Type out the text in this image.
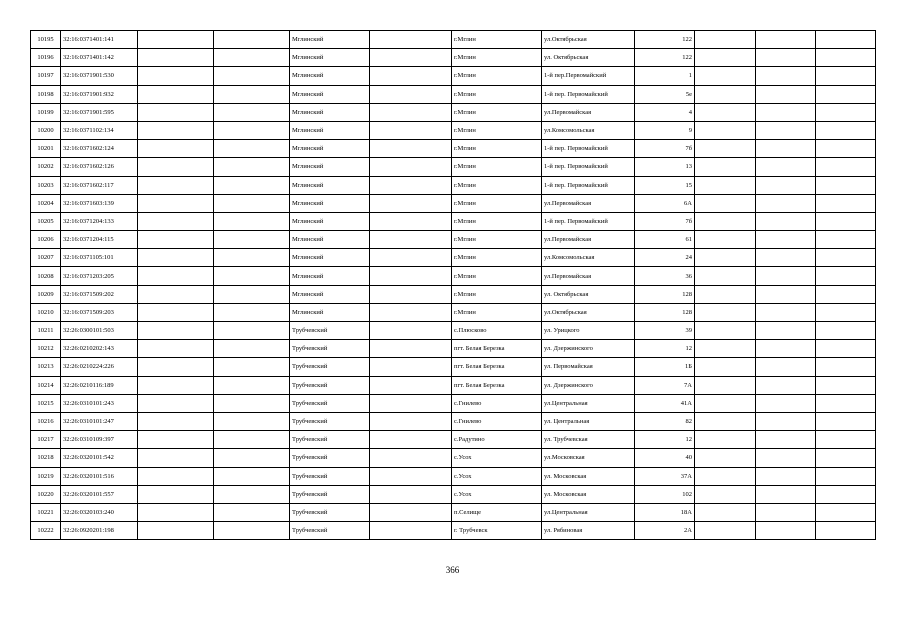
10195	32:16:0371401:141			Мглинский		г.Мглин	ул.Октябрьская	122			
10196	32:16:0371401:142			Мглинский		г.Мглин	ул. Октябрьская	122			
10197	32:16:0371901:530			Мглинский		г.Мглин	1-й пер.Первомайский	1			
10198	32:16:0371901:932			Мглинский		г.Мглин	1-й пер. Первомайский	5е			
10199	32:16:0371901:595			Мглинский		г.Мглин	ул.Первомайская	4			
10200	32:16:0371102:134			Мглинский		г.Мглин	ул.Комсомольская	9			
10201	32:16:0371602:124			Мглинский		г.Мглин	1-й пер. Первомайский	7б			
10202	32:16:0371602:126			Мглинский		г.Мглин	1-й пер. Первомайский	13			
10203	32:16:0371602:117			Мглинский		г.Мглин	1-й пер. Первомайский	15			
10204	32:16:0371603:139			Мглинский		г.Мглин	ул.Первомайская	6А			
10205	32:16:0371204:133			Мглинский		г.Мглин	1-й пер. Первомайский	7б			
10206	32:16:0371204:115			Мглинский		г.Мглин	ул.Первомайская	61			
10207	32:16:0371105:101			Мглинский		г.Мглин	ул.Комсомольская	24			
10208	32:16:0371203:205			Мглинский		г.Мглин	ул.Первомайская	36			
10209	32:16:0371509:202			Мглинский		г.Мглин	ул. Октябрьская	128			
10210	32:16:0371509:203			Мглинский		г.Мглин	ул.Октябрьская	128			
10211	32:26:0300101:503			Трубчевский		с.Плюсково	ул. Урицкого	39			
10212	32:26:0210202:143			Трубчевский		пгт. Белая Березка	ул. Дзержинского	12			
10213	32:26:0210224:226			Трубчевский		пгт. Белая Березка	ул. Первомайская	1Б			
10214	32:26:0210116:189			Трубчевский		пгт. Белая Березка	ул. Дзержинского	7А			
10215	32:26:0310101:243			Трубчевский		с.Гнилево	ул.Центральная	41А			
10216	32:26:0310101:247			Трубчевский		с.Гнилево	ул. Центральная	82			
10217	32:26:0310109:397			Трубчевский		с.Радутино	ул. Трубчевская	12			
10218	32:26:0320101:542			Трубчевский		с.Усох	ул.Московская	40			
10219	32:26:0320101:516			Трубчевский		с.Усох	ул. Московская	37А			
10220	32:26:0320101:557			Трубчевский		с.Усох	ул. Московская	102			
10221	32:26:0320103:240			Трубчевский		п.Селище	ул.Центральная	18А			
10222	32:26:0920201:198			Трубчевский		г. Трубчевск	ул. Рябиновая	2А			
366
